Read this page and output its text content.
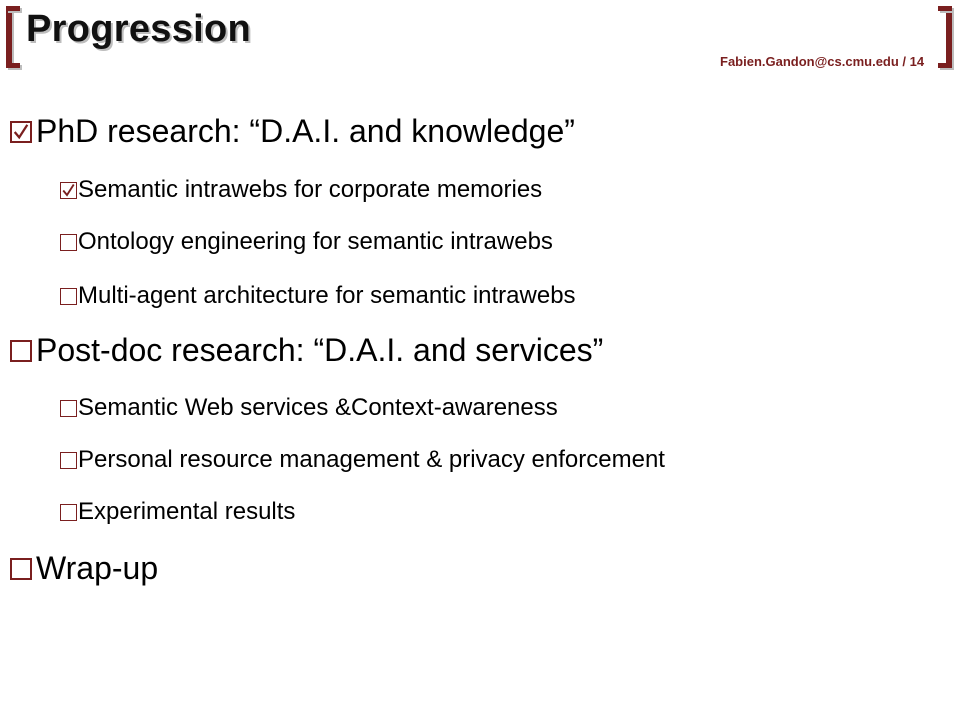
Progression
Fabien.Gandon@cs.cmu.edu / 14
PhD research: “D.A.I. and knowledge”
Semantic intrawebs for corporate memories
Ontology engineering for semantic intrawebs
Multi-agent architecture for semantic intrawebs
Post-doc research: “D.A.I. and services”
Semantic Web services &Context-awareness
Personal resource management & privacy enforcement
Experimental results
Wrap-up
